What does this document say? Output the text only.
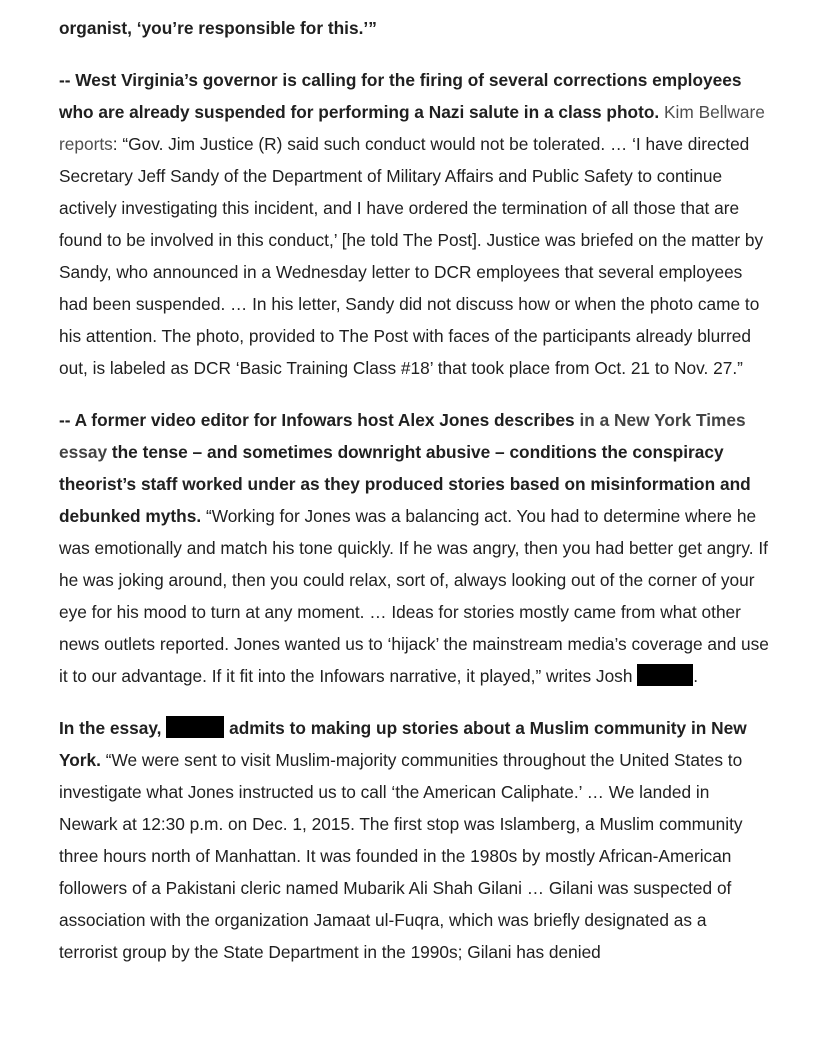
organist, ‘you’re responsible for this.’”

-- West Virginia’s governor is calling for the firing of several corrections employees who are already suspended for performing a Nazi salute in a class photo. Kim Bellware reports: “Gov. Jim Justice (R) said such conduct would not be tolerated. … ‘I have directed Secretary Jeff Sandy of the Department of Military Affairs and Public Safety to continue actively investigating this incident, and I have ordered the termination of all those that are found to be involved in this conduct,’ [he told The Post]. Justice was briefed on the matter by Sandy, who announced in a Wednesday letter to DCR employees that several employees had been suspended. … In his letter, Sandy did not discuss how or when the photo came to his attention. The photo, provided to The Post with faces of the participants already blurred out, is labeled as DCR ‘Basic Training Class #18’ that took place from Oct. 21 to Nov. 27.”

-- A former video editor for Infowars host Alex Jones describes in a New York Times essay the tense – and sometimes downright abusive – conditions the conspiracy theorist’s staff worked under as they produced stories based on misinformation and debunked myths. “Working for Jones was a balancing act. You had to determine where he was emotionally and match his tone quickly. If he was angry, then you had better get angry. If he was joking around, then you could relax, sort of, always looking out of the corner of your eye for his mood to turn at any moment. … Ideas for stories mostly came from what other news outlets reported. Jones wanted us to ‘hijack’ the mainstream media’s coverage and use it to our advantage. If it fit into the Infowars narrative, it played,” writes Josh	.

In the essay,	admits to making up stories about a Muslim community in New York. “We were sent to visit Muslim-majority communities throughout the United States to investigate what Jones instructed us to call ‘the American Caliphate.’ … We landed in Newark at 12:30 p.m. on Dec. 1, 2015. The first stop was Islamberg, a Muslim community three hours north of Manhattan. It was founded in the 1980s by mostly African-American followers of a Pakistani cleric named Mubarik Ali Shah Gilani … Gilani was suspected of association with the organization Jamaat ul-Fuqra, which was briefly designated as a terrorist group by the State Department in the 1990s; Gilani has denied
